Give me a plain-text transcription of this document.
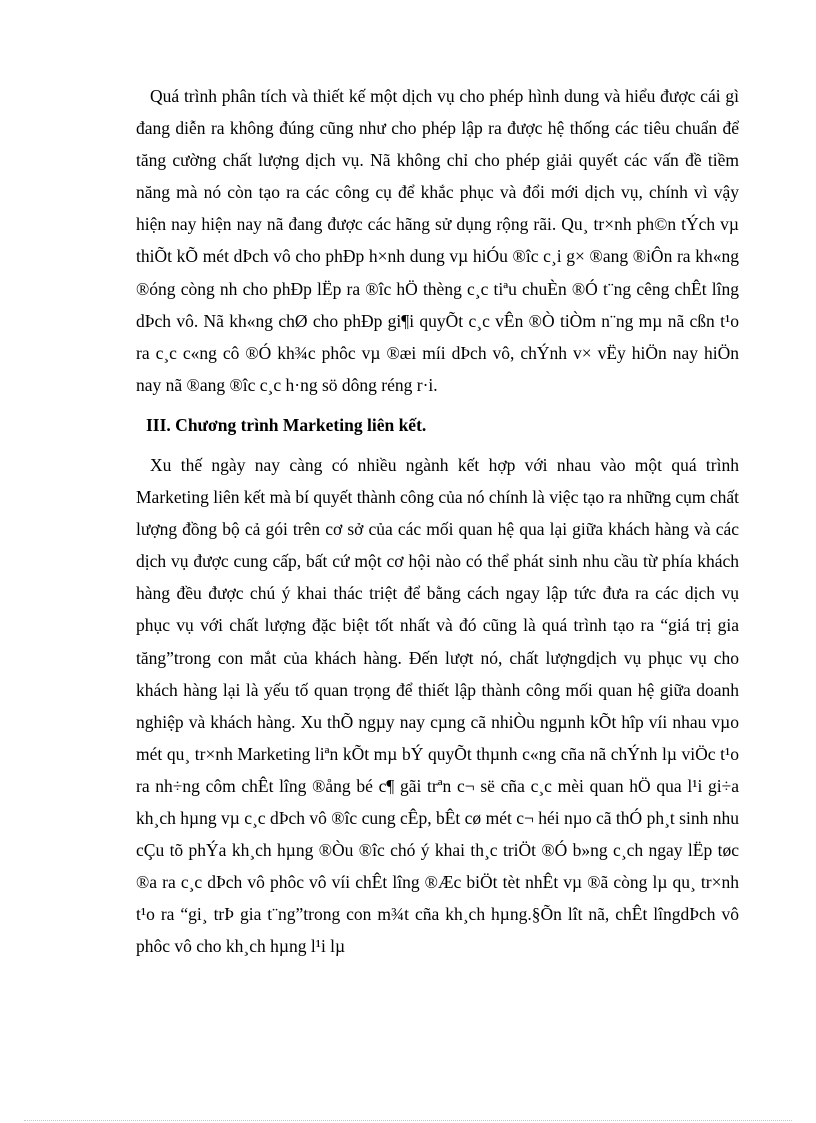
Quá trình phân tích và thiết kế một dịch vụ cho phép hình dung và hiểu được cái gì đang diễn ra không đúng cũng như cho phép lập ra được hệ thống các tiêu chuẩn để tăng cường chất lượng dịch vụ. Nã không chỉ cho phép giải quyết các vấn đề tiềm năng mà nó còn tạo ra các công cụ để khắc phục và đổi mới dịch vụ, chính vì vậy hiện nay hiện nay nã đang được các hãng sử dụng rộng rãi. Qu¸ tr×nh ph©n tÝch vµ thiÕt kÕ mét dÞch vô cho phÐp h×nh dung vµ hiÓu ®îc c¸i g× ®ang ®iÔn ra kh«ng ®óng còng nh cho phÐp lËp ra ®îc hÖ thèng c¸c tiªu chuÈn ®Ó t¨ng cêng chÊt lîng dÞch vô. Nã kh«ng chØ cho phÐp gi¶i quyÕt c¸c vÊn ®Ò tiÒm n¨ng mµ nã cßn t¹o ra c¸c c«ng cô ®Ó kh¾c phôc vµ ®æi míi dÞch vô, chÝnh v× vËy hiÖn nay hiÖn nay nã ®ang ®îc c¸c h·ng sö dông réng r·i.

III. Chương trình Marketing liên kết.

Xu thế ngày nay càng có nhiều ngành kết hợp với nhau vào một quá trình Marketing liên kết mà bí quyết thành công của nó chính là việc tạo ra những cụm chất lượng đồng bộ cả gói trên cơ sở của các mối quan hệ qua lại giữa khách hàng và các dịch vụ được cung cấp, bất cứ một cơ hội nào có thể phát sinh nhu cầu từ phía khách hàng đều được chú ý khai thác triệt để bằng cách ngay lập tức đưa ra các dịch vụ phục vụ với chất lượng đặc biệt tốt nhất và đó cũng là quá trình tạo ra “giá trị gia tăng”trong con mắt của khách hàng. Đến lượt nó, chất lượngdịch vụ phục vụ cho khách hàng lại là yếu tố quan trọng để thiết lập thành công mối quan hệ giữa doanh nghiệp và khách hàng. Xu thÕ ngµy nay cµng cã nhiÒu ngµnh kÕt hîp víi nhau vµo mét qu¸ tr×nh Marketing liªn kÕt mµ bÝ quyÕt thµnh c«ng cña nã chÝnh lµ viÖc t¹o ra nh÷ng côm chÊt lîng ®ång bé c¶ gãi trªn c¬ së cña c¸c mèi quan hÖ qua l¹i gi÷a kh¸ch hµng vµ c¸c dÞch vô ®îc cung cÊp, bÊt cø mét c¬ héi nµo cã thÓ ph¸t sinh nhu cÇu tõ phÝa kh¸ch hµng ®Òu ®îc chó ý khai th¸c triÖt ®Ó b»ng c¸ch ngay lËp tøc ®a ra c¸c dÞch vô phôc vô víi chÊt lîng ®Æc biÖt tèt nhÊt vµ ®ã còng lµ qu¸ tr×nh t¹o ra “gi¸ trÞ gia t¨ng”trong con m¾t cña kh¸ch hµng.§Õn lît nã, chÊt lîngdÞch vô phôc vô cho kh¸ch hµng l¹i lµ
